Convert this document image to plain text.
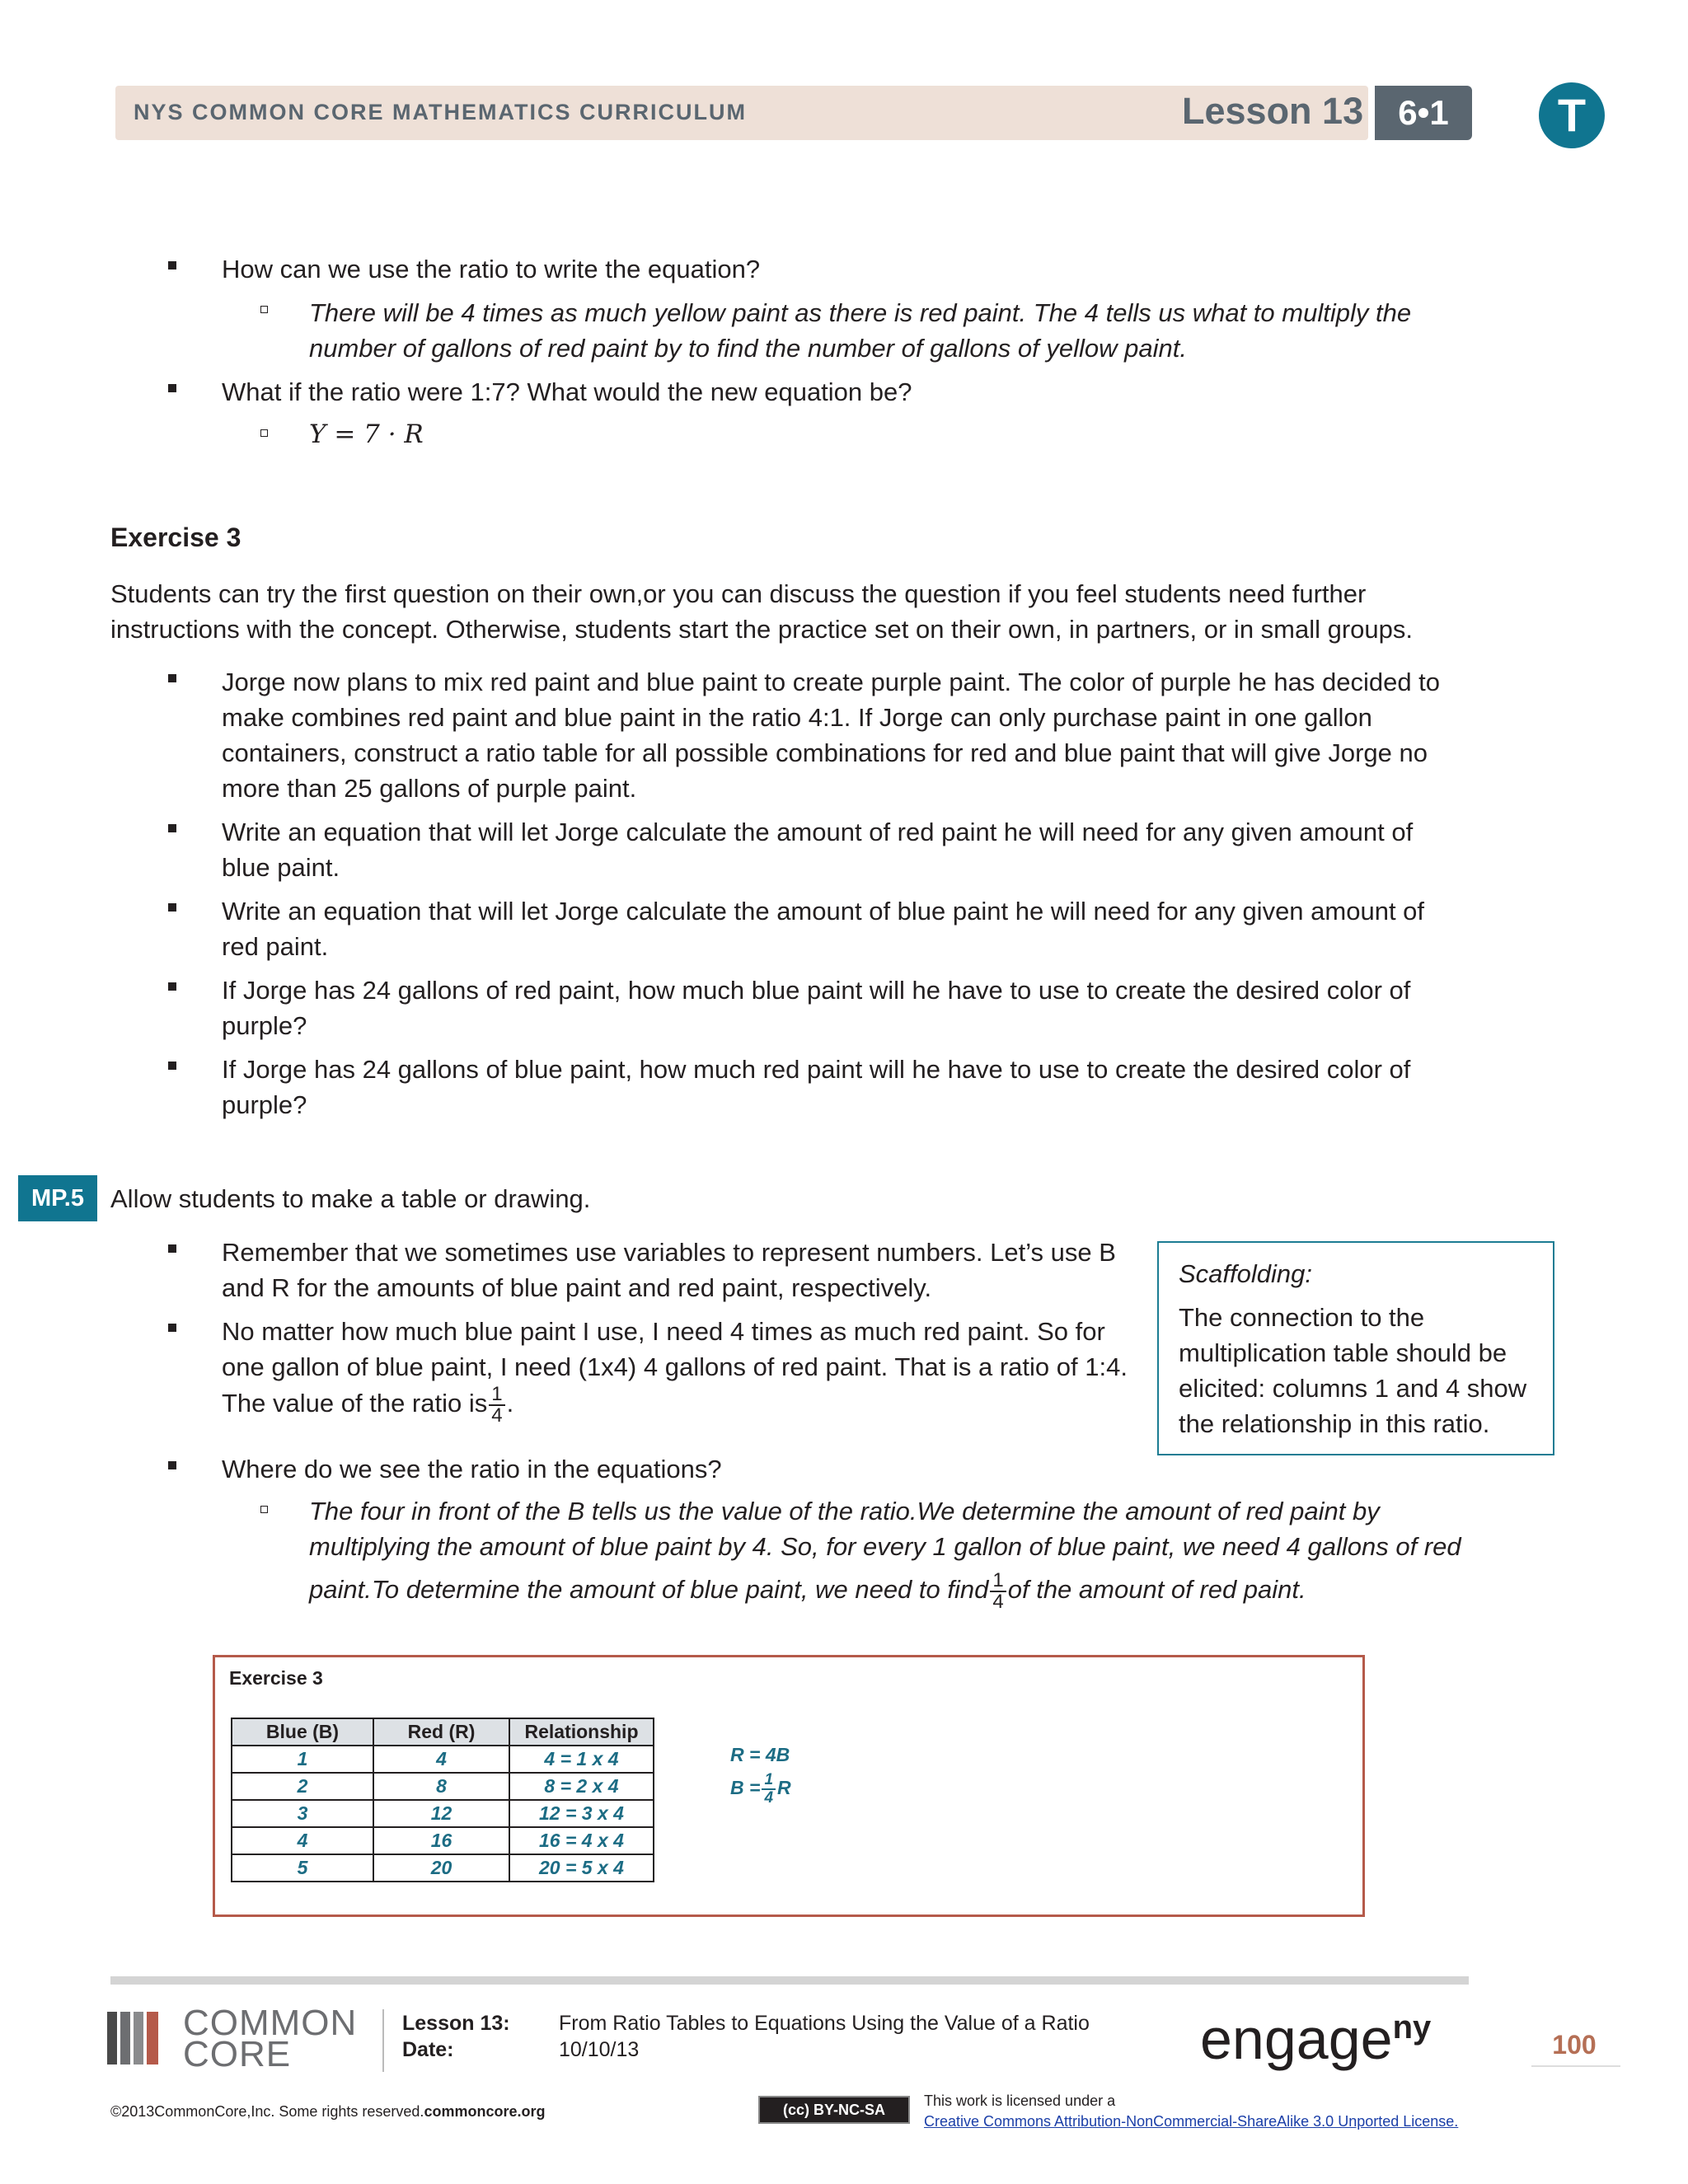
NYS COMMON CORE MATHEMATICS CURRICULUM	Lesson 13	6•1	T
How can we use the ratio to write the equation?
There will be 4 times as much yellow paint as there is red paint. The 4 tells us what to multiply the
number of gallons of red paint by to find the number of gallons of yellow paint.
What if the ratio were 1:7? What would the new equation be?
Y = 7 · R
Exercise 3
Students can try the first question on their own,or you can discuss the question if you feel students need further
instructions with the concept. Otherwise, students start the practice set on their own, in partners, or in small groups.
Jorge now plans to mix red paint and blue paint to create purple paint. The color of purple he has decided to
make combines red paint and blue paint in the ratio 4:1. If Jorge can only purchase paint in one gallon
containers, construct a ratio table for all possible combinations for red and blue paint that will give Jorge no
more than 25 gallons of purple paint.
Write an equation that will let Jorge calculate the amount of red paint he will need for any given amount of
blue paint.
Write an equation that will let Jorge calculate the amount of blue paint he will need for any given amount of
red paint.
If Jorge has 24 gallons of red paint, how much blue paint will he have to use to create the desired color of
purple?
If Jorge has 24 gallons of blue paint, how much red paint will he have to use to create the desired color of
purple?
MP.5	Allow students to make a table or drawing.
Remember that we sometimes use variables to represent numbers. Let’s use B
and R for the amounts of blue paint and red paint, respectively.
No matter how much blue paint I use, I need 4 times as much red paint. So for
one gallon of blue paint, I need (1x4) 4 gallons of red paint. That is a ratio of 1:4.
The value of the ratio is $\frac{1}{4}$ .
Where do we see the ratio in the equations?
The four in front of the B tells us the value of the ratio.We determine the amount of red paint by
multiplying the amount of blue paint by 4. So, for every 1 gallon of blue paint, we need 4 gallons of red
paint.To determine the amount of blue paint, we need to find $\frac{1}{4}$ of the amount of red paint.
Scaffolding:
The connection to the
multiplication table should be
elicited: columns 1 and 4 show
the relationship in this ratio.
Exercise 3
Blue (B)	Red (R)	Relationship
1	4	4 = 1 x 4
2	8	8 = 2 x 4
3	12	12 = 3 x 4
4	16	16 = 4 x 4
5	20	20 = 5 x 4
R = 4B
$B = \frac{1}{4}$ R
COMMON
CORE
Lesson 13: From Ratio Tables to Equations Using the Value of a Ratio
Date:	10/10/13	engage$^{ny}$	100
©2013CommonCore,Inc. Some rights reserved.commoncore.org	(cc) BY-NC-SA
This work is licensed under a
Creative Commons Attribution-NonCommercial-ShareAlike 3.0 Unported License.
